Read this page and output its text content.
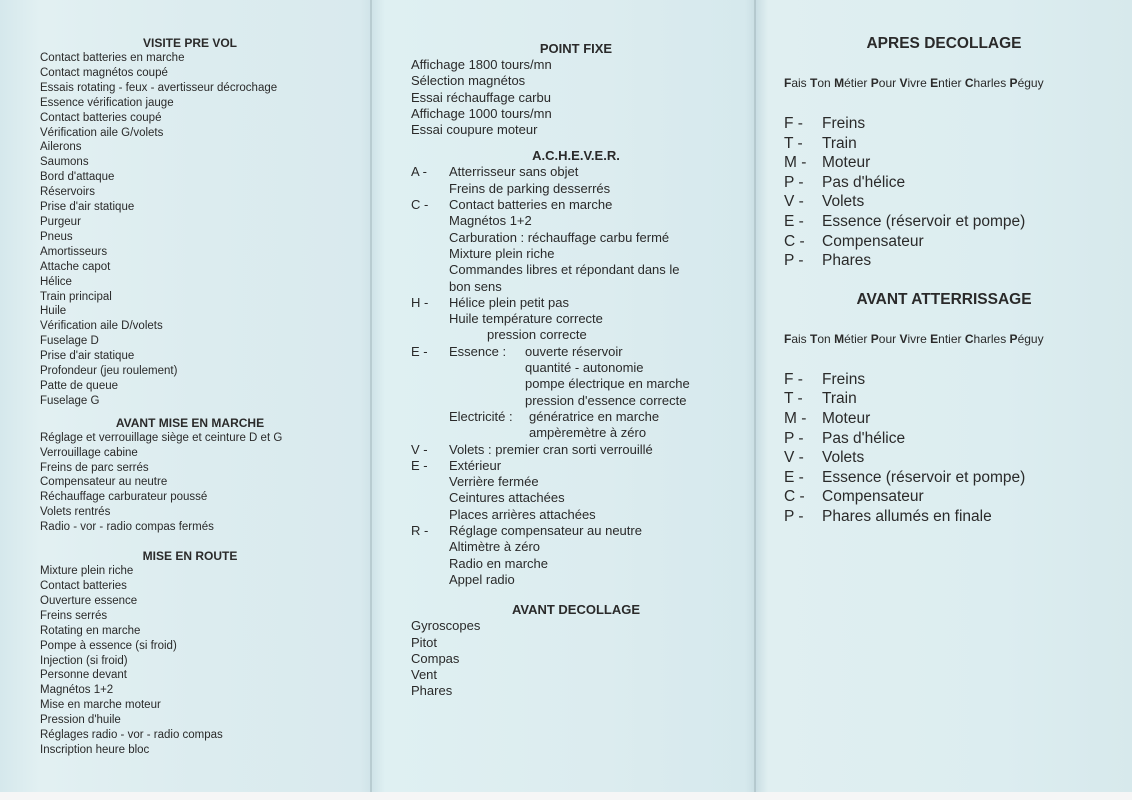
VISITE PRE VOL

Contact batteries en marche

Contact magnétos coupé

Essais rotating - feux - avertisseur décrochage

Essence vérification jauge

Contact batteries coupé

Vérification aile G/volets

Ailerons

Saumons

Bord d'attaque

Réservoirs

Prise d'air statique

Purgeur

Pneus

Amortisseurs

Attache capot

Hélice

Train principal

Huile

Vérification aile D/volets

Fuselage D

Prise d'air statique

Profondeur (jeu roulement)

Patte de queue

Fuselage G

AVANT MISE EN MARCHE

Réglage et verrouillage siège et ceinture D et G

Verrouillage cabine

Freins de parc serrés

Compensateur au neutre

Réchauffage carburateur poussé

Volets rentrés

Radio - vor - radio compas fermés

MISE EN ROUTE

Mixture plein riche

Contact batteries

Ouverture essence

Freins serrés

Rotating en marche

Pompe à essence (si froid)

Injection (si froid)

Personne devant

Magnétos 1+2

Mise en marche moteur

Pression d'huile

Réglages radio - vor - radio compas

Inscription heure bloc

POINT FIXE

Affichage 1800 tours/mn

Sélection magnétos

Essai réchauffage carbu

Affichage 1000 tours/mn

Essai coupure moteur

A.C.H.E.V.E.R.

A -	Atterrisseur sans objet
Freins de parking desserrés
C -	Contact batteries en marche
Magnétos 1+2
Carburation : réchauffage carbu fermé
Mixture plein riche
Commandes libres et répondant dans le
bon sens
H -	Hélice plein petit pas
Huile température correcte
pression correcte
E -	Essence :	ouverte réservoir
quantité - autonomie
pompe électrique en marche
pression d'essence correcte
Electricité :	génératrice en marche
ampèremètre à zéro
V -	Volets : premier cran sorti verrouillé
E -	Extérieur
Verrière fermée
Ceintures attachées
Places arrières attachées
R -	Réglage compensateur au neutre
Altimètre à zéro
Radio en marche
Appel radio

AVANT DECOLLAGE

Gyroscopes

Pitot

Compas

Vent

Phares

APRES DECOLLAGE

Fais Ton Métier Pour Vivre Entier Charles Péguy

F -	Freins
T -	Train
M -	Moteur
P -	Pas d'hélice
V -	Volets
E -	Essence (réservoir et pompe)
C -	Compensateur
P -	Phares

AVANT ATTERRISSAGE

Fais Ton Métier Pour Vivre Entier Charles Péguy

F -	Freins
T -	Train
M -	Moteur
P -	Pas d'hélice
V -	Volets
E -	Essence (réservoir et pompe)
C -	Compensateur
P -	Phares allumés en finale
